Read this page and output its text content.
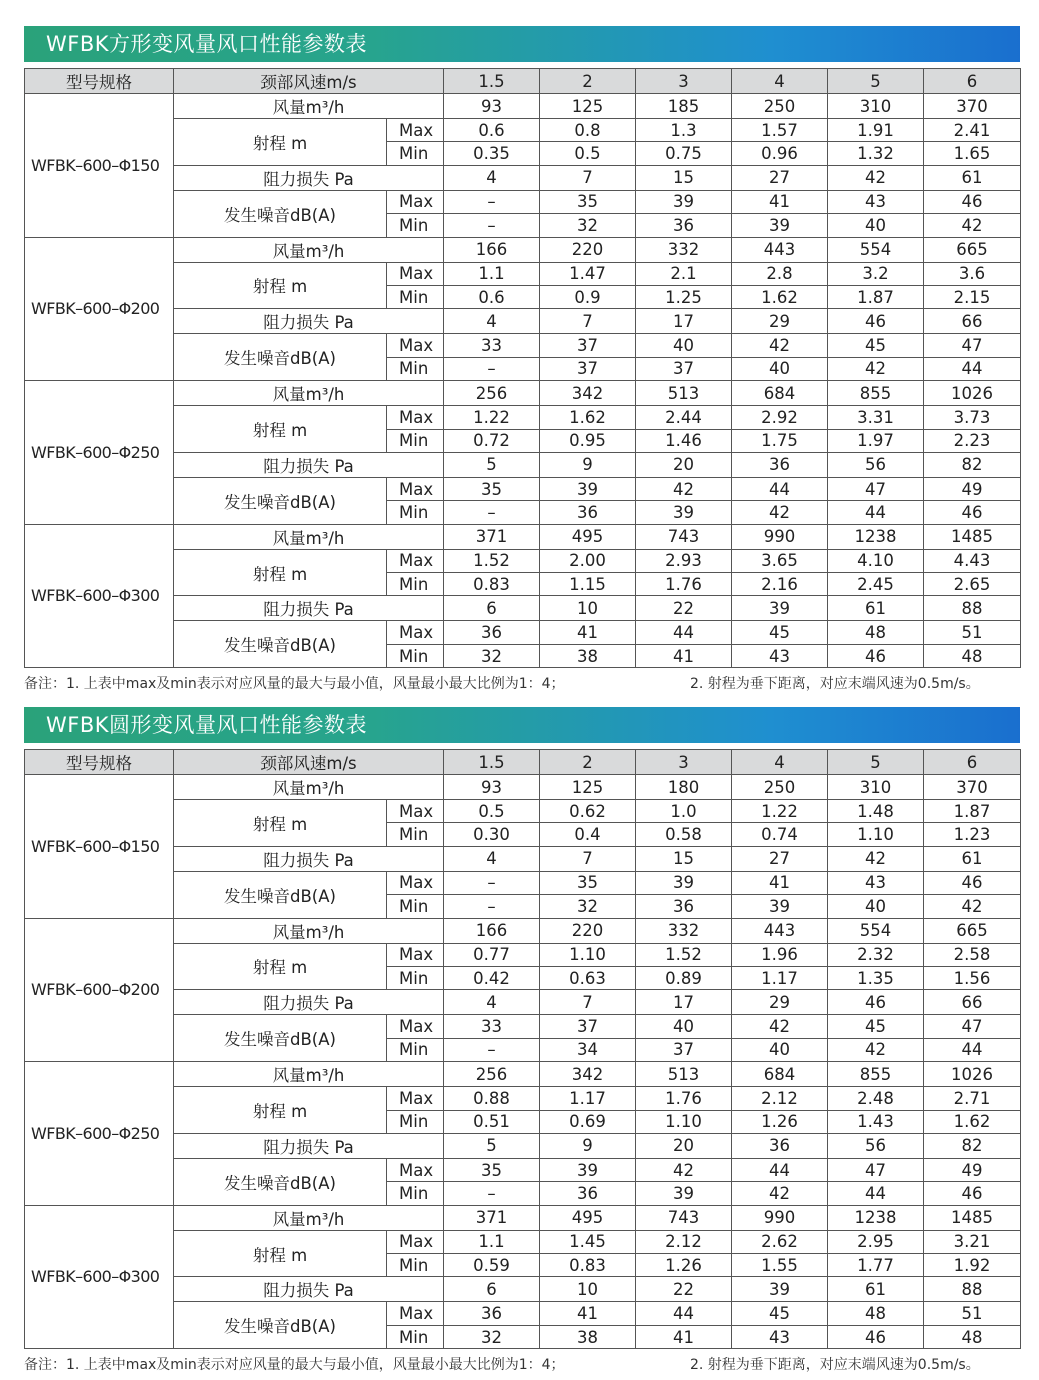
WFBK方形变风量风口性能参数表
型号规格	颈部风速m/s		1.5	2	3	4	5	6
WFBK–600–Φ150	风量m³/h		93	125	185	250	310	370
	射程 m	Max	0.6	0.8	1.3	1.57	1.91	2.41
		Min	0.35	0.5	0.75	0.96	1.32	1.65
	阻力损失 Pa		4	7	15	27	42	61
	发生噪音dB(A)	Max	–	35	39	41	43	46
		Min	–	32	36	39	40	42
WFBK–600–Φ200	风量m³/h		166	220	332	443	554	665
	射程 m	Max	1.1	1.47	2.1	2.8	3.2	3.6
		Min	0.6	0.9	1.25	1.62	1.87	2.15
	阻力损失 Pa		4	7	17	29	46	66
	发生噪音dB(A)	Max	33	37	40	42	45	47
		Min	–	37	37	40	42	44
WFBK–600–Φ250	风量m³/h		256	342	513	684	855	1026
	射程 m	Max	1.22	1.62	2.44	2.92	3.31	3.73
		Min	0.72	0.95	1.46	1.75	1.97	2.23
	阻力损失 Pa		5	9	20	36	56	82
	发生噪音dB(A)	Max	35	39	42	44	47	49
		Min	–	36	39	42	44	46
WFBK–600–Φ300	风量m³/h		371	495	743	990	1238	1485
	射程 m	Max	1.52	2.00	2.93	3.65	4.10	4.43
		Min	0.83	1.15	1.76	2.16	2.45	2.65
	阻力损失 Pa		6	10	22	39	61	88
	发生噪音dB(A)	Max	36	41	44	45	48	51
		Min	32	38	41	43	46	48
备注：1. 上表中max及min表示对应风量的最大与最小值，风量最小最大比例为1：4；	2. 射程为垂下距离，对应末端风速为0.5m/s。
WFBK圆形变风量风口性能参数表
型号规格	颈部风速m/s		1.5	2	3	4	5	6
WFBK–600–Φ150	风量m³/h		93	125	180	250	310	370
	射程 m	Max	0.5	0.62	1.0	1.22	1.48	1.87
		Min	0.30	0.4	0.58	0.74	1.10	1.23
	阻力损失 Pa		4	7	15	27	42	61
	发生噪音dB(A)	Max	–	35	39	41	43	46
		Min	–	32	36	39	40	42
WFBK–600–Φ200	风量m³/h		166	220	332	443	554	665
	射程 m	Max	0.77	1.10	1.52	1.96	2.32	2.58
		Min	0.42	0.63	0.89	1.17	1.35	1.56
	阻力损失 Pa		4	7	17	29	46	66
	发生噪音dB(A)	Max	33	37	40	42	45	47
		Min	–	34	37	40	42	44
WFBK–600–Φ250	风量m³/h		256	342	513	684	855	1026
	射程 m	Max	0.88	1.17	1.76	2.12	2.48	2.71
		Min	0.51	0.69	1.10	1.26	1.43	1.62
	阻力损失 Pa		5	9	20	36	56	82
	发生噪音dB(A)	Max	35	39	42	44	47	49
		Min	–	36	39	42	44	46
WFBK–600–Φ300	风量m³/h		371	495	743	990	1238	1485
	射程 m	Max	1.1	1.45	2.12	2.62	2.95	3.21
		Min	0.59	0.83	1.26	1.55	1.77	1.92
	阻力损失 Pa		6	10	22	39	61	88
	发生噪音dB(A)	Max	36	41	44	45	48	51
		Min	32	38	41	43	46	48
备注：1. 上表中max及min表示对应风量的最大与最小值，风量最小最大比例为1：4；	2. 射程为垂下距离，对应末端风速为0.5m/s。
